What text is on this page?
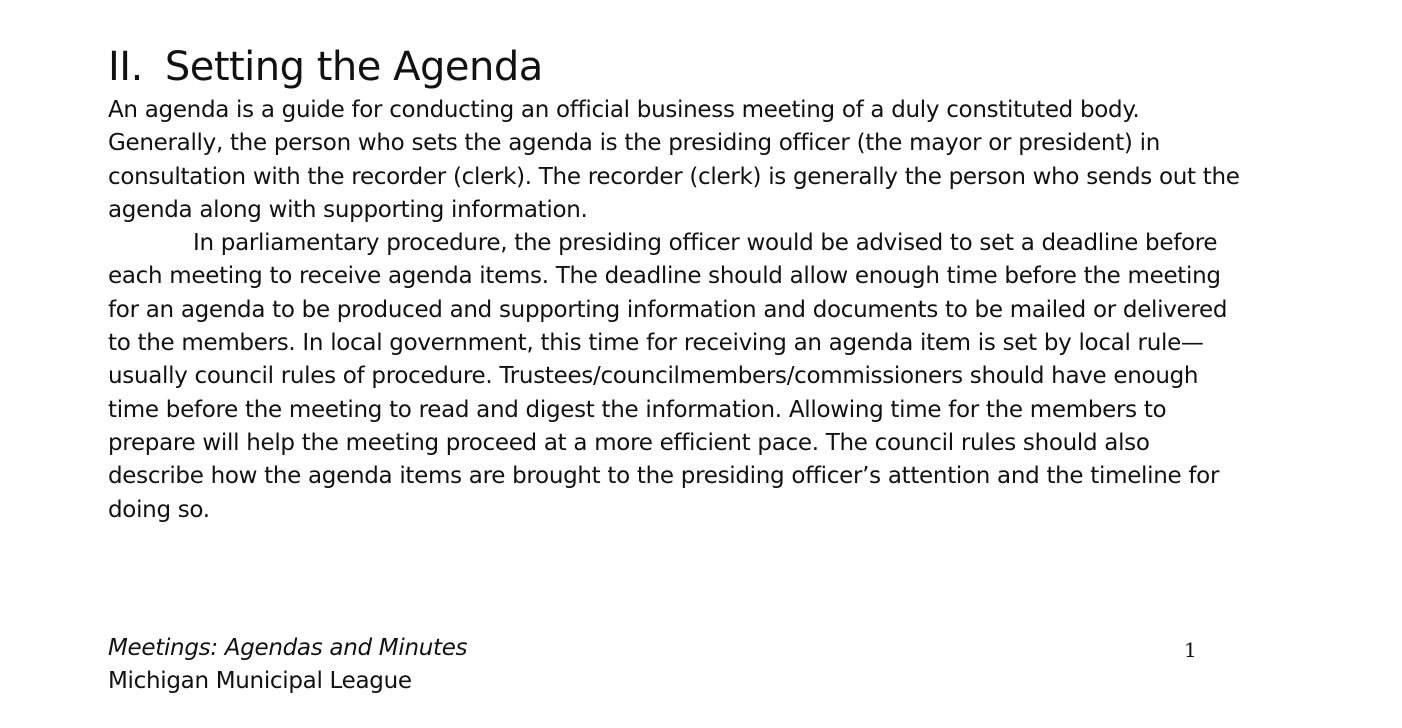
II. Setting the Agenda

An agenda is a guide for conducting an official business meeting of a duly constituted body.

Generally, the person who sets the agenda is the presiding officer (the mayor or president) in

consultation with the recorder (clerk). The recorder (clerk) is generally the person who sends out the

agenda along with supporting information.

In parliamentary procedure, the presiding officer would be advised to set a deadline before

each meeting to receive agenda items. The deadline should allow enough time before the meeting

for an agenda to be produced and supporting information and documents to be mailed or delivered

to the members. In local government, this time for receiving an agenda item is set by local rule—

usually council rules of procedure. Trustees/councilmembers/commissioners should have enough

time before the meeting to read and digest the information. Allowing time for the members to

prepare will help the meeting proceed at a more efficient pace. The council rules should also

describe how the agenda items are brought to the presiding officer’s attention and the timeline for

doing so.

Meetings: Agendas and Minutes
Michigan Municipal League
1
